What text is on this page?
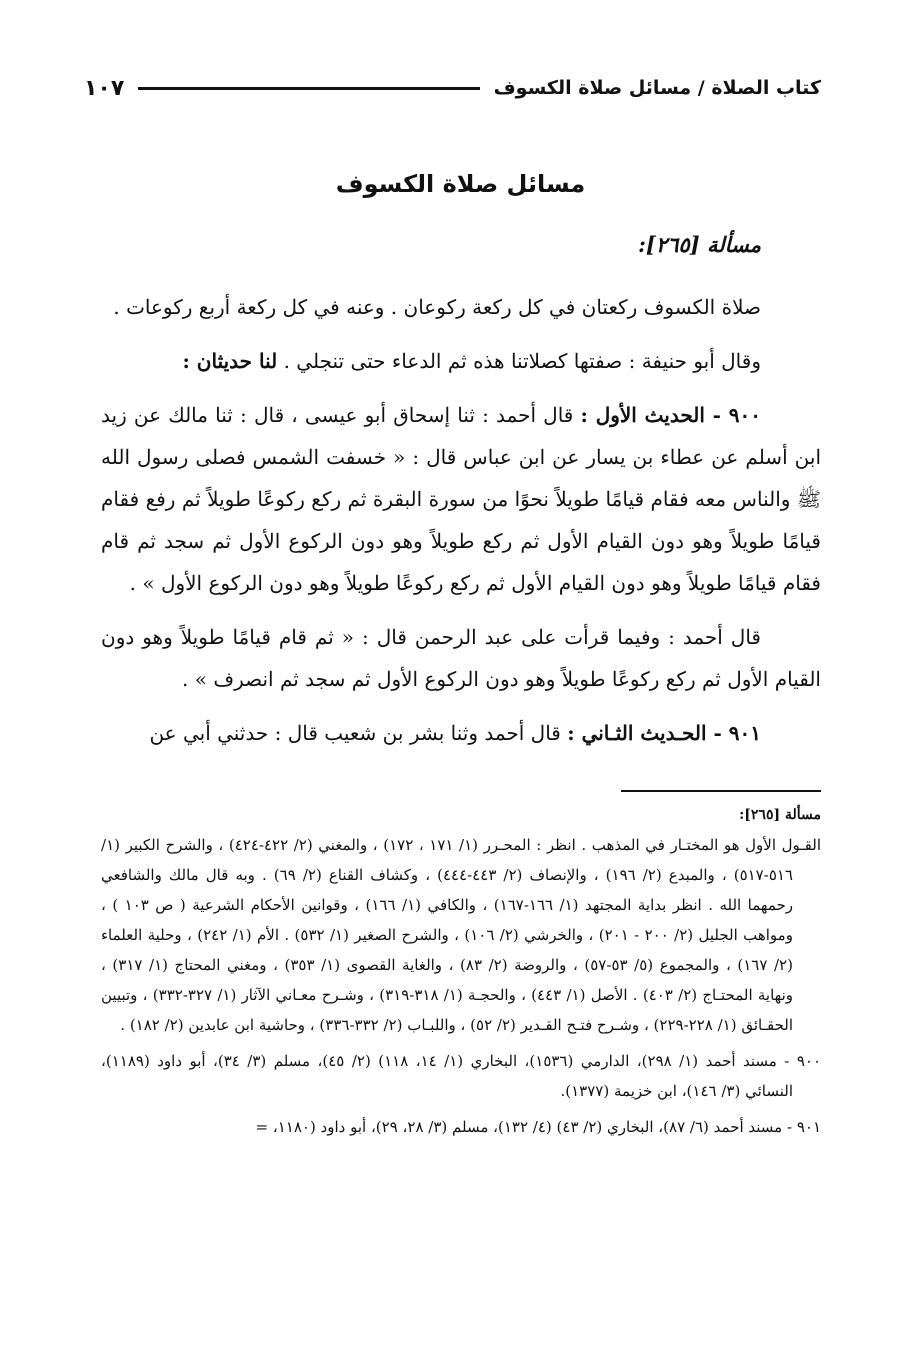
كتاب الصلاة / مسائل صلاة الكسوف
١٠٧
مسائل صلاة الكسوف
مسألة [٢٦٥]:

صلاة الكسوف ركعتان في كل ركعة ركوعان . وعنه في كل ركعة أربع ركوعات .

وقال أبو حنيفة : صفتها كصلاتنا هذه ثم الدعاء حتى تنجلي . لنا حديثان :

٩٠٠ - الحديث الأول : قال أحمد : ثنا إسحاق أبو عيسى ، قال : ثنا مالك عن زيد ابن أسلم عن عطاء بن يسار عن ابن عباس قال : « خسفت الشمس فصلى رسول الله ﷺ والناس معه فقام قيامًا طويلاً نحوًا من سورة البقرة ثم ركع ركوعًا طويلاً ثم رفع فقام قيامًا طويلاً وهو دون القيام الأول ثم ركع طويلاً وهو دون الركوع الأول ثم سجد ثم قام فقام قيامًا طويلاً وهو دون القيام الأول ثم ركع ركوعًا طويلاً وهو دون الركوع الأول » .

قال أحمد : وفيما قرأت على عبد الرحمن قال : « ثم قام قيامًا طويلاً وهو دون القيام الأول ثم ركع ركوعًا طويلاً وهو دون الركوع الأول ثم سجد ثم انصرف » .

٩٠١ - الحـديث الثـاني : قال أحمد وثنا بشر بن شعيب قال : حدثني أبي عن

مسألة [٢٦٥]:

القـول الأول هو المختـار في المذهب . انظر : المحـرر (١/ ١٧١ ، ١٧٢) ، والمغني (٢/ ٤٢٢-٤٢٤) ، والشرح الكبير (١/ ٥١٦-٥١٧) ، والمبدع (٢/ ١٩٦) ، والإنصاف (٢/ ٤٤٣-٤٤٤) ، وكشاف القناع (٢/ ٦٩) . وبه قال مالك والشافعي رحمهما الله . انظر بداية المجتهد (١/ ١٦٦-١٦٧) ، والكافي (١/ ١٦٦) ، وقوانين الأحكام الشرعية ( ص ١٠٣ ) ، ومواهب الجليل (٢/ ٢٠٠ - ٢٠١) ، والخرشي (٢/ ١٠٦) ، والشرح الصغير (١/ ٥٣٢) . الأم (١/ ٢٤٢) ، وحلية العلماء (٢/ ١٦٧) ، والمجموع (٥/ ٥٣-٥٧) ، والروضة (٢/ ٨٣) ، والغاية القصوى (١/ ٣٥٣) ، ومغني المحتاج (١/ ٣١٧) ، ونهاية المحتـاج (٢/ ٤٠٣) . الأصل (١/ ٤٤٣) ، والحجـة (١/ ٣١٨-٣١٩) ، وشـرح معـاني الآثار (١/ ٣٢٧-٣٣٢) ، وتبيين الحقـائق (١/ ٢٢٨-٢٢٩) ، وشـرح فتـح القـدير (٢/ ٥٢) ، واللبـاب (٢/ ٣٣٢-٣٣٦) ، وحاشية ابن عابدين (٢/ ١٨٢) .

٩٠٠ - مسند أحمد (١/ ٢٩٨)، الدارمي (١٥٣٦)، البخاري (١/ ١٤، ١١٨) (٢/ ٤٥)، مسلم (٣/ ٣٤)، أبو داود (١١٨٩)، النسائي (٣/ ١٤٦)، ابن خزيمة (١٣٧٧).

٩٠١ - مسند أحمد (٦/ ٨٧)، البخاري (٢/ ٤٣) (٤/ ١٣٢)، مسلم (٣/ ٢٨، ٢٩)، أبو داود (١١٨٠، =
